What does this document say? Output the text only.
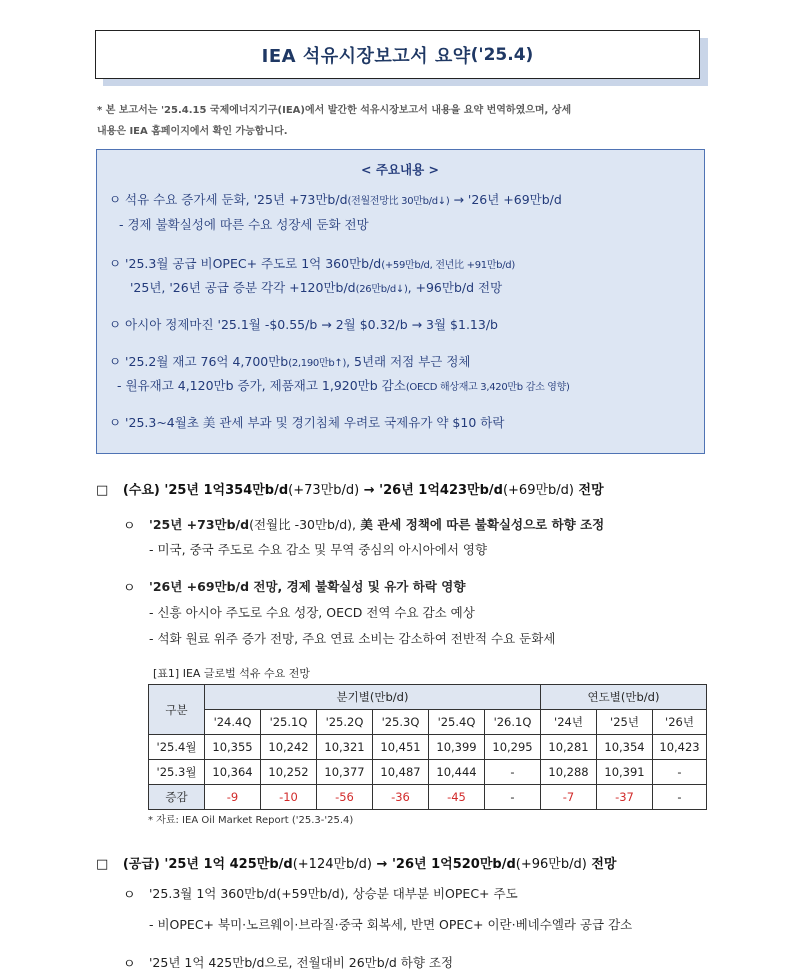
IEA 석유시장보고서 요약 ('25.4)
* 본 보고서는 '25.4.15 국제에너지기구(IEA)에서 발간한 석유시장보고서 내용을 요약 번역하였으며, 상세
내용은 IEA 홈페이지에서 확인 가능합니다.
< 주요내용 >
ㅇ 석유 수요 증가세 둔화, '25년 +73만b/d(전월전망比 30만b/d↓) → '26년 +69만b/d
- 경제 불확실성에 따른 수요 성장세 둔화 전망
ㅇ '25.3월 공급 비OPEC+ 주도로 1억 360만b/d(+59만b/d, 전년比 +91만b/d)
'25년, '26년 공급 증분 각각 +120만b/d(26만b/d↓), +96만b/d 전망
ㅇ 아시아 정제마진 '25.1월 -$0.55/b → 2월 $0.32/b → 3월 $1.13/b
ㅇ '25.2월 재고 76억 4,700만b(2,190만b↑), 5년래 저점 부근 정체
- 원유재고 4,120만b 증가, 제품재고 1,920만b 감소(OECD 해상재고 3,420만b 감소 영향)
ㅇ '25.3~4월초 美 관세 부과 및 경기침체 우려로 국제유가 약 $10 하락
□ (수요) '25년 1억354만b/d(+73만b/d) → '26년 1억423만b/d(+69만b/d) 전망
ㅇ '25년 +73만b/d(전월比 -30만b/d), 美 관세 정책에 따른 불확실성으로 하향 조정
- 미국, 중국 주도로 수요 감소 및 무역 중심의 아시아에서 영향
ㅇ '26년 +69만b/d 전망, 경제 불확실성 및 유가 하락 영향
- 신흥 아시아 주도로 수요 성장, OECD 전역 수요 감소 예상
- 석화 원료 위주 증가 전망, 주요 연료 소비는 감소하여 전반적 수요 둔화세
[표1] IEA 글로벌 석유 수요 전망
구분	분기별(만b/d)						연도별(만b/d)		
	'24.4Q	'25.1Q	'25.2Q	'25.3Q	'25.4Q	'26.1Q	'24년	'25년	'26년
'25.4월	10,355	10,242	10,321	10,451	10,399	10,295	10,281	10,354	10,423
'25.3월	10,364	10,252	10,377	10,487	10,444	-	10,288	10,391	-
증감	-9	-10	-56	-36	-45	-	-7	-37	-
* 자료: IEA Oil Market Report ('25.3-'25.4)
□ (공급) '25년 1억 425만b/d(+124만b/d) → '26년 1억520만b/d(+96만b/d) 전망
ㅇ '25.3월 1억 360만b/d(+59만b/d), 상승분 대부분 비OPEC+ 주도
- 비OPEC+ 북미·노르웨이·브라질·중국 회복세, 반면 OPEC+ 이란·베네수엘라 공급 감소
ㅇ '25년 1억 425만b/d으로, 전월대비 26만b/d 하향 조정
